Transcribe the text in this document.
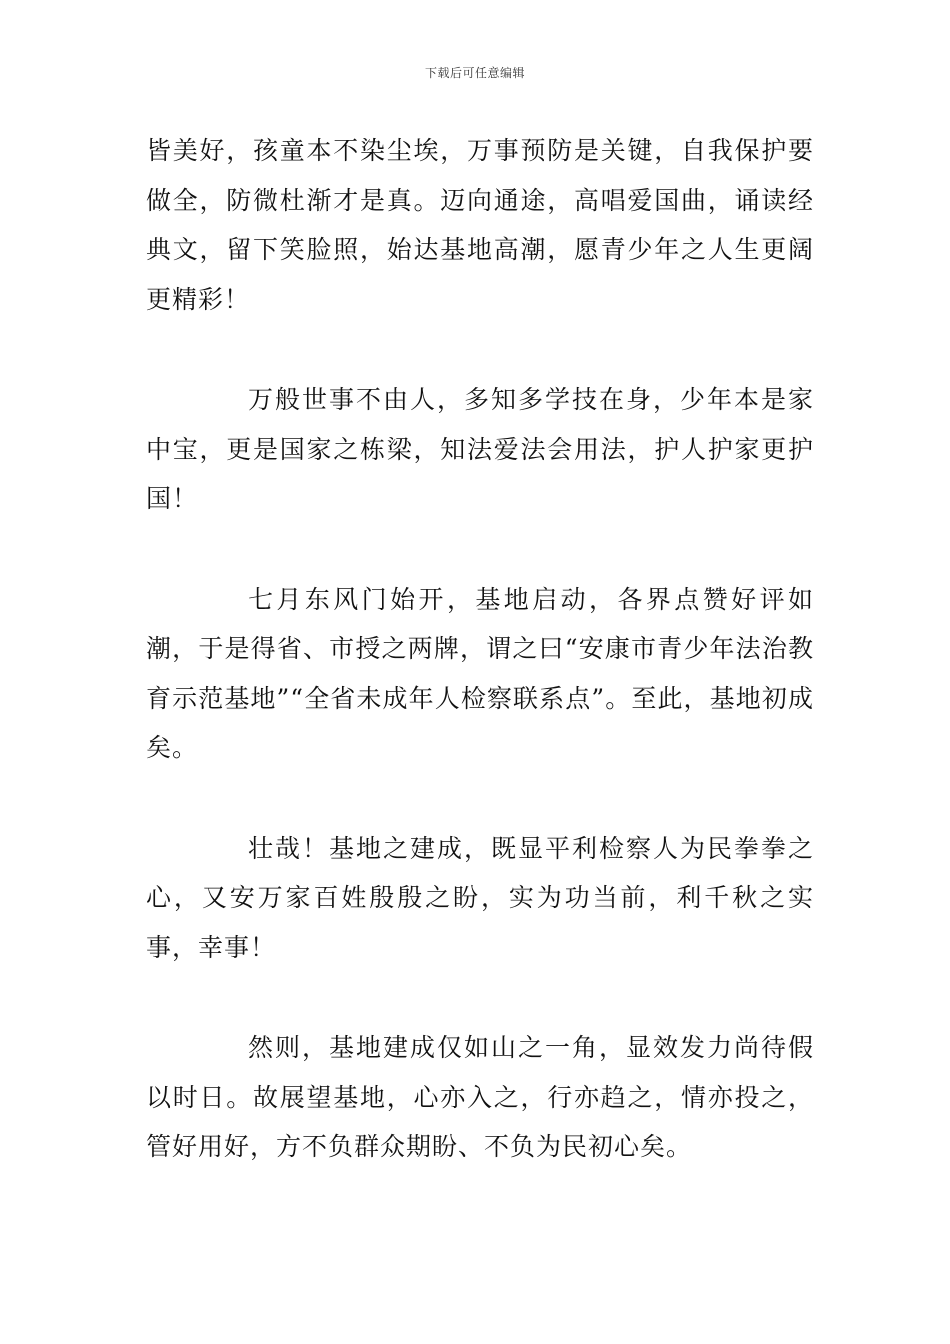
下载后可任意编辑

皆美好，孩童本不染尘埃，万事预防是关键，自我保护要做全，防微杜渐才是真。迈向通途，高唱爱国曲，诵读经典文，留下笑脸照，始达基地高潮，愿青少年之人生更阔更精彩！

万般世事不由人，多知多学技在身，少年本是家中宝，更是国家之栋梁，知法爱法会用法，护人护家更护国！

七月东风门始开，基地启动，各界点赞好评如潮，于是得省、市授之两牌，谓之曰“安康市青少年法治教育示范基地”“全省未成年人检察联系点”。至此，基地初成矣。

壮哉！基地之建成，既显平利检察人为民拳拳之心，又安万家百姓殷殷之盼，实为功当前，利千秋之实事，幸事！

然则，基地建成仅如山之一角，显效发力尚待假以时日。故展望基地，心亦入之，行亦趋之，情亦投之，管好用好，方不负群众期盼、不负为民初心矣。
